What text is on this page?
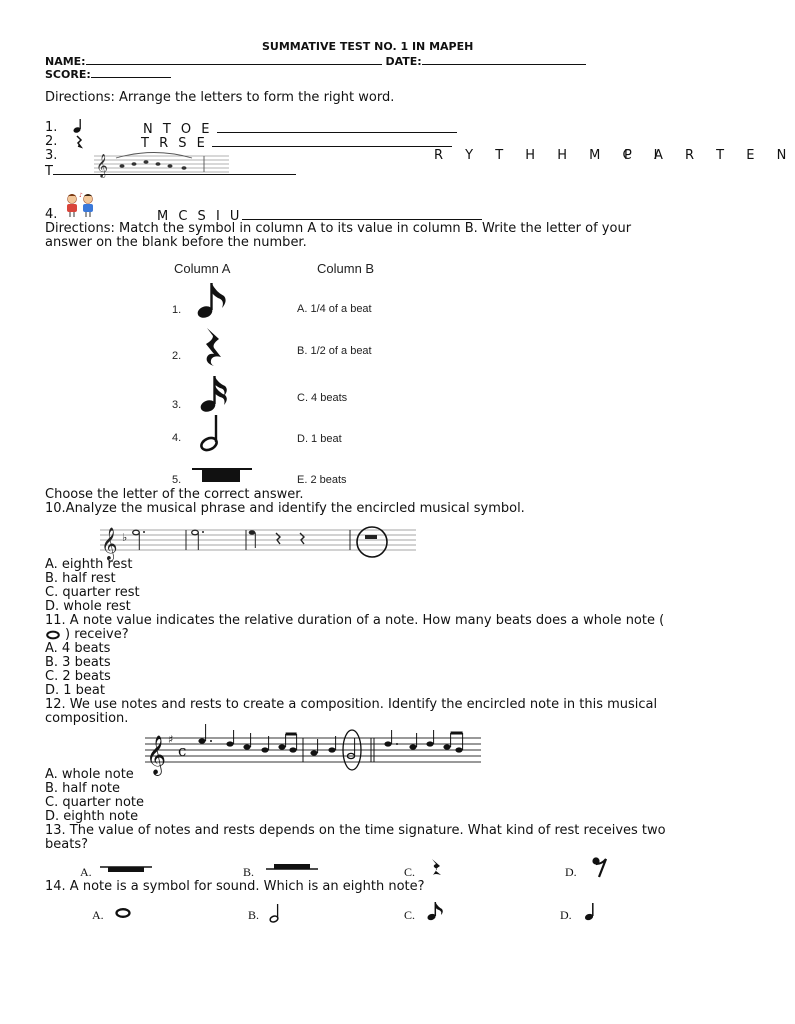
SUMMATIVE TEST NO. 1 IN MAPEH
NAME:	DATE:
SCORE:
Directions: Arrange the letters to form the right word.
1.	N T O E
2.	T R S E
3. 𝄞	R Y T H H M C I
P A R T E N
T
♪
4.	M C S I U
Directions: Match the symbol in column A to its value in column B. Write the letter of your
answer on the blank before the number.
Column A	Column B
1.	A. 1/4 of a beat
2.	B. 1/2 of a beat
3.
C. 4 beats
4.	D. 1 beat
5.	E. 2 beats
Choose the letter of the correct answer.
10.Analyze the musical phrase and identify the encircled musical symbol.
𝄞 ♭
A. eighth rest
B. half rest
C. quarter rest
D. whole rest
11. A note value indicates the relative duration of a note. How many beats does a whole note (
) receive?
A. 4 beats
B. 3 beats
C. 2 beats
D. 1 beat
12. We use notes and rests to create a composition. Identify the encircled note in this musical
composition.
𝄞 ♯
c
A. whole note
B. half note
C. quarter note
D. eighth note
13. The value of notes and rests depends on the time signature. What kind of rest receives two
beats?
A.	B.	C.	D.
14. A note is a symbol for sound. Which is an eighth note?
A.	B.	C.	D.
